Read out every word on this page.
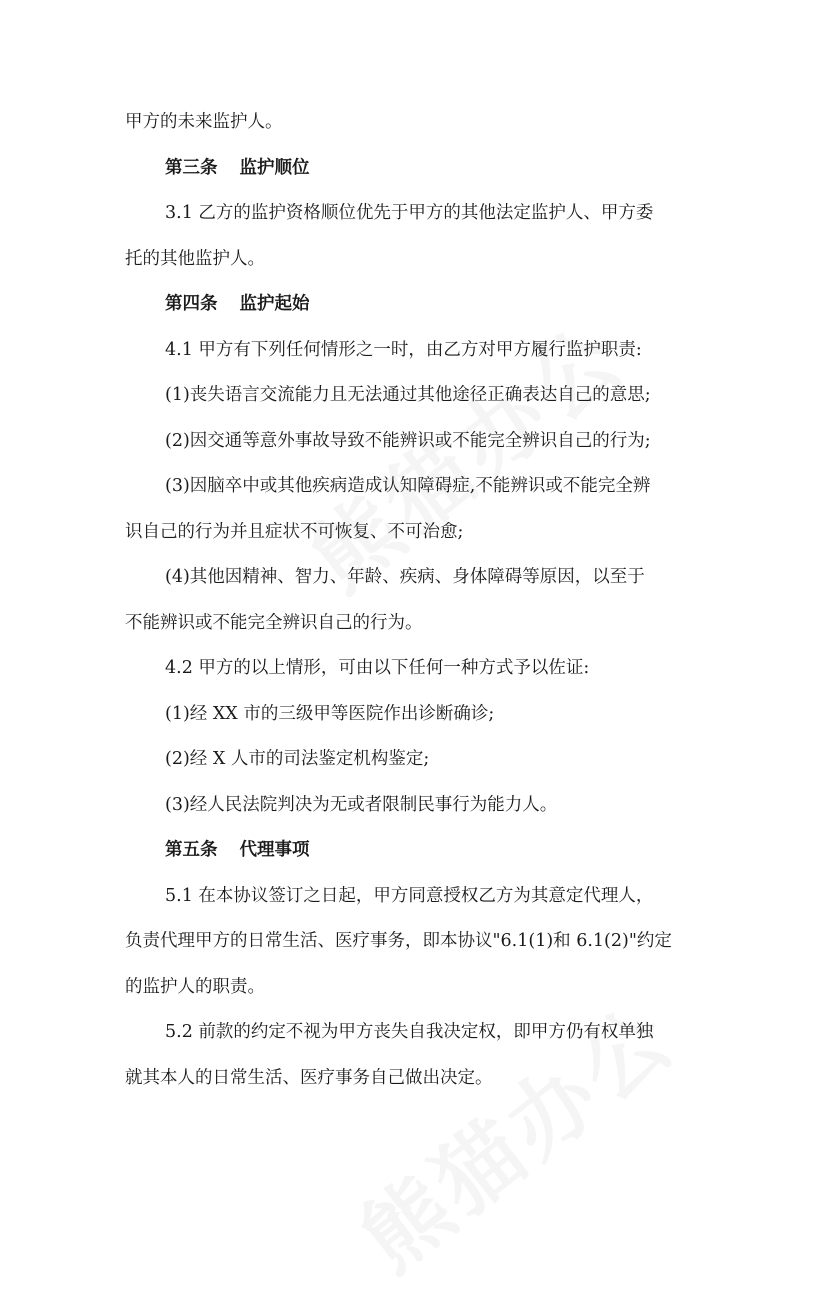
甲方的未来监护人。

第三条 监护顺位

3.1 乙方的监护资格顺位优先于甲方的其他法定监护人、甲方委

托的其他监护人。

第四条 监护起始

4.1 甲方有下列任何情形之一时，由乙方对甲方履行监护职责:

(1)丧失语言交流能力且无法通过其他途径正确表达自己的意思;

(2)因交通等意外事故导致不能辨识或不能完全辨识自己的行为;

(3)因脑卒中或其他疾病造成认知障碍症,不能辨识或不能完全辨

识自己的行为并且症状不可恢复、不可治愈;

(4)其他因精神、智力、年龄、疾病、身体障碍等原因，以至于

不能辨识或不能完全辨识自己的行为。

4.2 甲方的以上情形，可由以下任何一种方式予以佐证:

(1)经 XX 市的三级甲等医院作出诊断确诊;

(2)经 X 人市的司法鉴定机构鉴定;

(3)经人民法院判决为无或者限制民事行为能力人。

第五条 代理事项

5.1 在本协议签订之日起，甲方同意授权乙方为其意定代理人，

负责代理甲方的日常生活、医疗事务，即本协议"6.1(1)和 6.1(2)"约定

的监护人的职责。

5.2 前款的约定不视为甲方丧失自我决定权，即甲方仍有权单独

就其本人的日常生活、医疗事务自己做出决定。
